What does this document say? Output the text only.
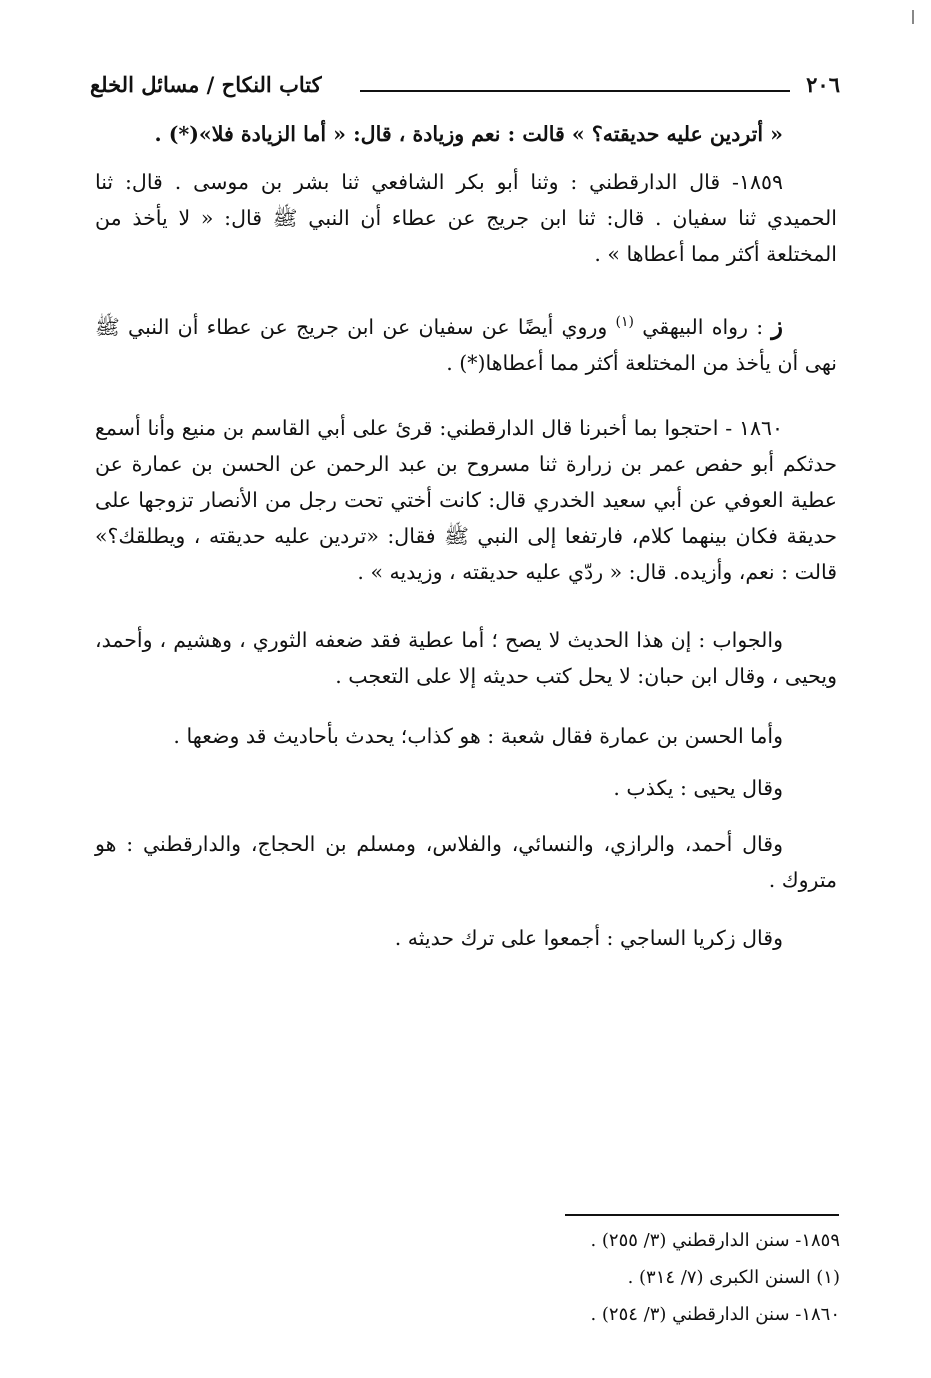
٢٠٦
كتاب النكاح / مسائل الخلع

« أتردين عليه حديقته؟ » قالت : نعم وزيادة ، قال: « أما الزيادة فلا»(*) .

١٨٥٩- قال الدارقطني : وثنا أبو بكر الشافعي ثنا بشر بن موسى . قال: ثنا الحميدي ثنا سفيان . قال: ثنا ابن جريج عن عطاء أن النبي ﷺ قال: « لا يأخذ من المختلعة أكثر مما أعطاها » .

ز : رواه البيهقي $^{(١)}$ وروي أيضًا عن سفيان عن ابن جريج عن عطاء أن النبي ﷺ نهى أن يأخذ من المختلعة أكثر مما أعطاها(*) .

١٨٦٠ - احتجوا بما أخبرنا قال الدارقطني: قرئ على أبي القاسم بن منيع وأنا أسمع حدثكم أبو حفص عمر بن زرارة ثنا مسروح بن عبد الرحمن عن الحسن بن عمارة عن عطية العوفي عن أبي سعيد الخدري قال: كانت أختي تحت رجل من الأنصار تزوجها على حديقة فكان بينهما كلام، فارتفعا إلى النبي ﷺ فقال: «تردين عليه حديقته ، ويطلقك؟» قالت : نعم، وأزيده. قال: « ردّي عليه حديقته ، وزيديه » .

والجواب : إن هذا الحديث لا يصح ؛ أما عطية فقد ضعفه الثوري ، وهشيم ، وأحمد، ويحيى ، وقال ابن حبان: لا يحل كتب حديثه إلا على التعجب .

وأما الحسن بن عمارة فقال شعبة : هو كذاب؛ يحدث بأحاديث قد وضعها .

وقال يحيى : يكذب .

وقال أحمد، والرازي، والنسائي، والفلاس، ومسلم بن الحجاج، والدارقطني : هو متروك .

وقال زكريا الساجي : أجمعوا على ترك حديثه .

١٨٥٩- سنن الدارقطني (٣/ ٢٥٥) .
(١) السنن الكبرى (٧/ ٣١٤) .
١٨٦٠- سنن الدارقطني (٣/ ٢٥٤) .
